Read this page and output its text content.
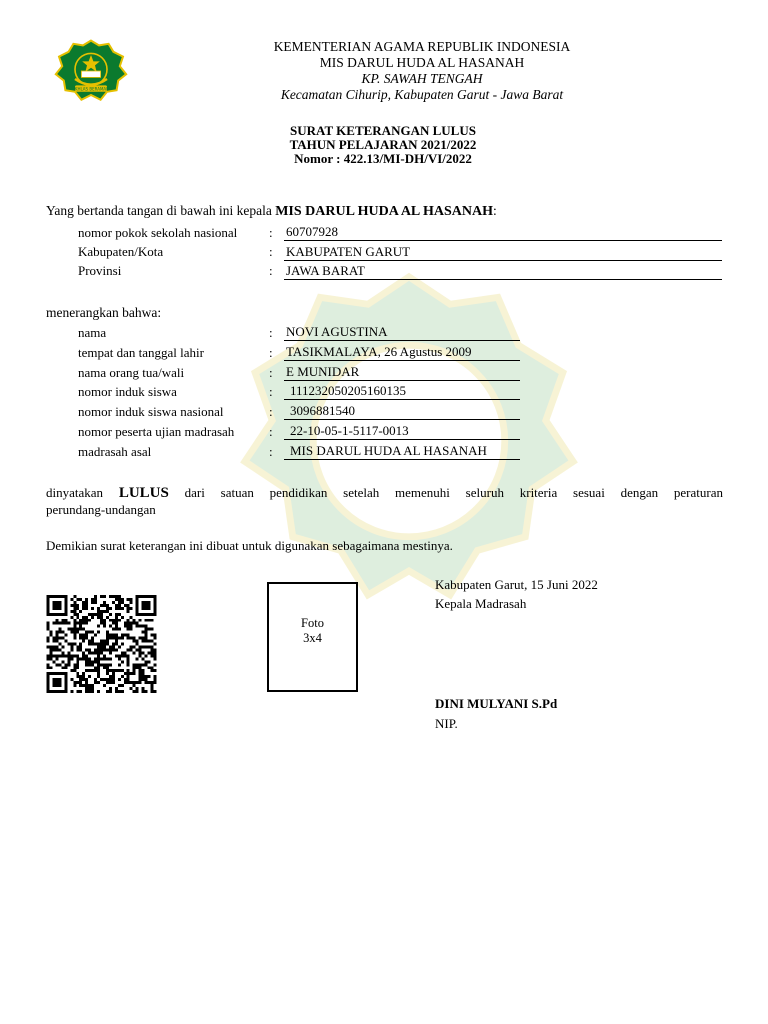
IKHLAS BERAMAL
KEMENTERIAN AGAMA REPUBLIK INDONESIA
MIS DARUL HUDA AL HASANAH
KP. SAWAH TENGAH
Kecamatan Cihurip, Kabupaten Garut - Jawa Barat
SURAT KETERANGAN LULUS
TAHUN PELAJARAN 2021/2022
Nomor : 422.13/MI-DH/VI/2022
Yang bertanda tangan di bawah ini kepala MIS DARUL HUDA AL HASANAH:
nomor pokok sekolah nasional : 60707928
Kabupaten/Kota	: KABUPATEN GARUT
Provinsi	: JAWA BARAT
menerangkan bahwa:
nama	: NOVI AGUSTINA
tempat dan tanggal lahir	: TASIKMALAYA, 26 Agustus 2009
nama orang tua/wali	: E MUNIDAR
nomor induk siswa	:	111232050205160135
nomor induk siswa nasional	:	3096881540
nomor peserta ujian madrasah	:	22-10-05-1-5117-0013
madrasah asal	:	MIS DARUL HUDA AL HASANAH
dinyatakan LULUS dari satuan pendidikan setelah memenuhi seluruh kriteria sesuai dengan peraturan
perundang-undangan
Demikian surat keterangan ini dibuat untuk digunakan sebagaimana mestinya.
Foto
3x4
Kabupaten Garut, 15 Juni 2022
Kepala Madrasah
DINI MULYANI S.Pd
NIP.
